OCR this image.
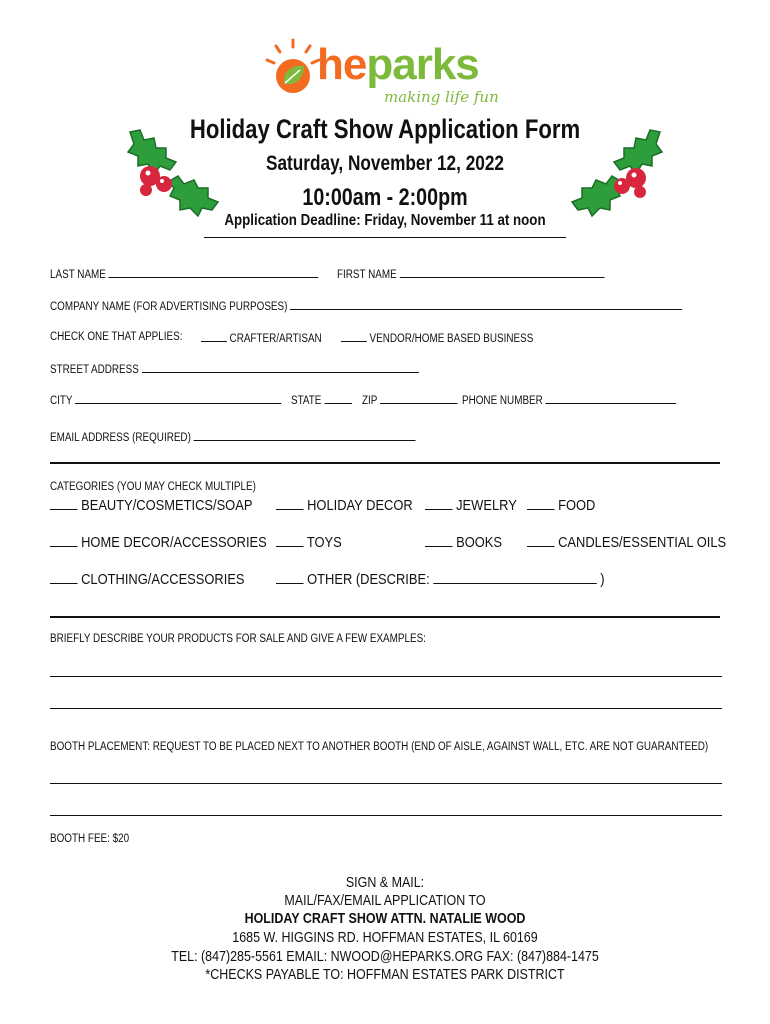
heparks
making life fun
Holiday Craft Show Application Form
Saturday, November 12, 2022
10:00am - 2:00pm
Application Deadline: Friday, November 11 at noon
LAST NAME	FIRST NAME
COMPANY NAME (FOR ADVERTISING PURPOSES)
CHECK ONE THAT APPLIES:	CRAFTER/ARTISAN	VENDOR/HOME BASED BUSINESS
STREET ADDRESS
CITY	STATE	ZIP	PHONE NUMBER
EMAIL ADDRESS (REQUIRED)
CATEGORIES (YOU MAY CHECK MULTIPLE)
BEAUTY/COSMETICS/SOAP	HOLIDAY DECOR	JEWELRY	FOOD
HOME DECOR/ACCESSORIES	TOYS	BOOKS	CANDLES/ESSENTIAL OILS
CLOTHING/ACCESSORIES	OTHER (DESCRIBE:	)
BRIEFLY DESCRIBE YOUR PRODUCTS FOR SALE AND GIVE A FEW EXAMPLES:
BOOTH PLACEMENT: REQUEST TO BE PLACED NEXT TO ANOTHER BOOTH (END OF AISLE, AGAINST WALL, ETC. ARE NOT GUARANTEED)
BOOTH FEE: $20
SIGN & MAIL:
MAIL/FAX/EMAIL APPLICATION TO
HOLIDAY CRAFT SHOW ATTN. NATALIE WOOD
1685 W. HIGGINS RD. HOFFMAN ESTATES, IL 60169
TEL: (847)285-5561 EMAIL: NWOOD@HEPARKS.ORG FAX: (847)884-1475
*CHECKS PAYABLE TO: HOFFMAN ESTATES PARK DISTRICT
